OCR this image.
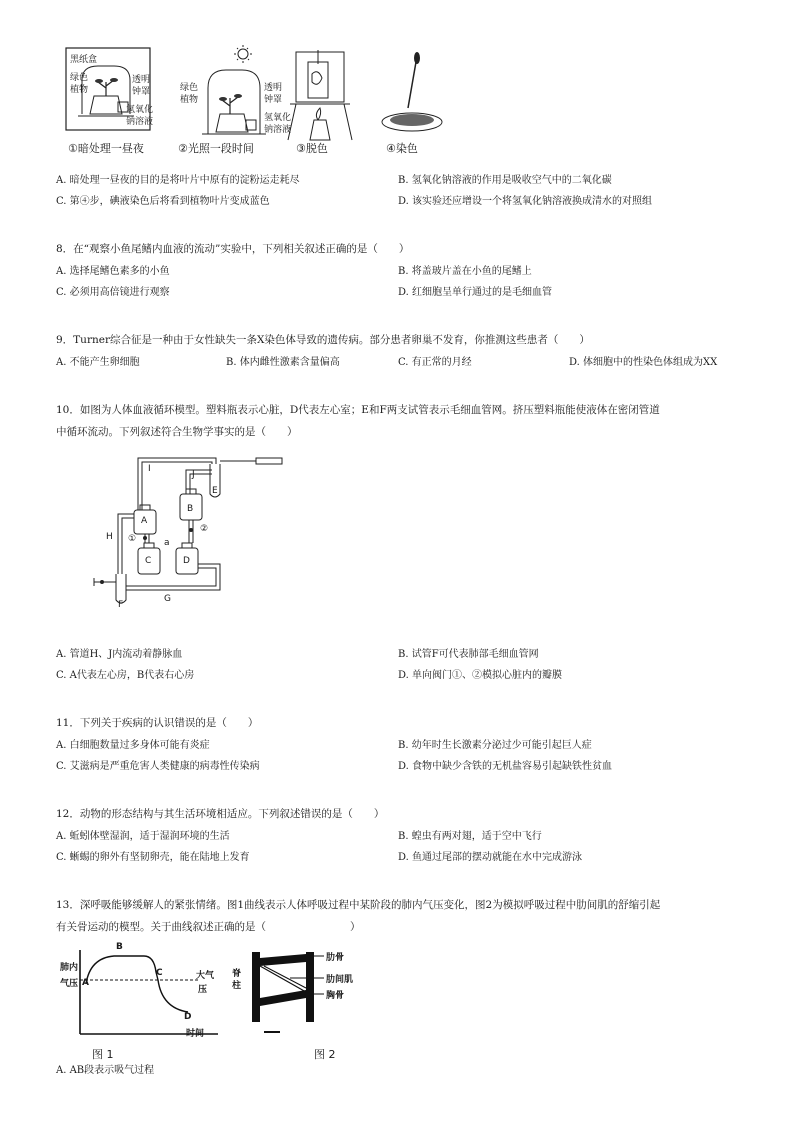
黑纸盒
绿色
植物
透明
钟罩
氢氧化
钠溶液
绿色
植物
透明
钟罩
氢氧化
钠溶液
①暗处理一昼夜	②光照一段时间	③脱色	④染色
A. 暗处理一昼夜的目的是将叶片中原有的淀粉运走耗尽	B. 氢氧化钠溶液的作用是吸收空气中的二氧化碳
C. 第④步，碘液染色后将看到植物叶片变成蓝色	D. 该实验还应增设一个将氢氧化钠溶液换成清水的对照组
8．在“观察小鱼尾鳍内血液的流动”实验中，下列相关叙述正确的是（　　）
A. 选择尾鳍色素多的小鱼	B. 将盖玻片盖在小鱼的尾鳍上
C. 必须用高倍镜进行观察	D. 红细胞呈单行通过的是毛细血管
9．Turner综合征是一种由于女性缺失一条X染色体导致的遗传病。部分患者卵巢不发育，你推测这些患者（　　）
A. 不能产生卵细胞	B. 体内雌性激素含量偏高	C. 有正常的月经	D. 体细胞中的性染色体组成为XX
10．如图为人体血液循环模型。塑料瓶表示心脏，D代表左心室；E和F两支试管表示毛细血管网。挤压塑料瓶能使液体在密闭管道
中循环流动。下列叙述符合生物学事实的是（　　）
I
J
E
B
A
②
①
H
a
C	D
F
G
A. 管道H、J内流动着静脉血	B. 试管F可代表肺部毛细血管网
C. A代表左心房，B代表右心房	D. 单向阀门①、②模拟心脏内的瓣膜
11．下列关于疾病的认识错误的是（　　）
A. 白细胞数量过多身体可能有炎症	B. 幼年时生长激素分泌过少可能引起巨人症
C. 艾滋病是严重危害人类健康的病毒性传染病	D. 食物中缺少含铁的无机盐容易引起缺铁性贫血
12．动物的形态结构与其生活环境相适应。下列叙述错误的是（　　）
A. 蚯蚓体壁湿润，适于湿润环境的生活	B. 蝗虫有两对翅，适于空中飞行
C. 蜥蜴的卵外有坚韧卵壳，能在陆地上发育	D. 鱼通过尾部的摆动就能在水中完成游泳
13．深呼吸能够缓解人的紧张情绪。图1曲线表示人体呼吸过程中某阶段的肺内气压变化，图2为模拟呼吸过程中肋间肌的舒缩引起
有关骨运动的模型。关于曲线叙述正确的是（　　　　　　　　）
肺内
气压 A
B
C
D
大气
压
时间
图 1
脊
柱
肋骨
肋间肌
胸骨
图 2
A. AB段表示吸气过程
